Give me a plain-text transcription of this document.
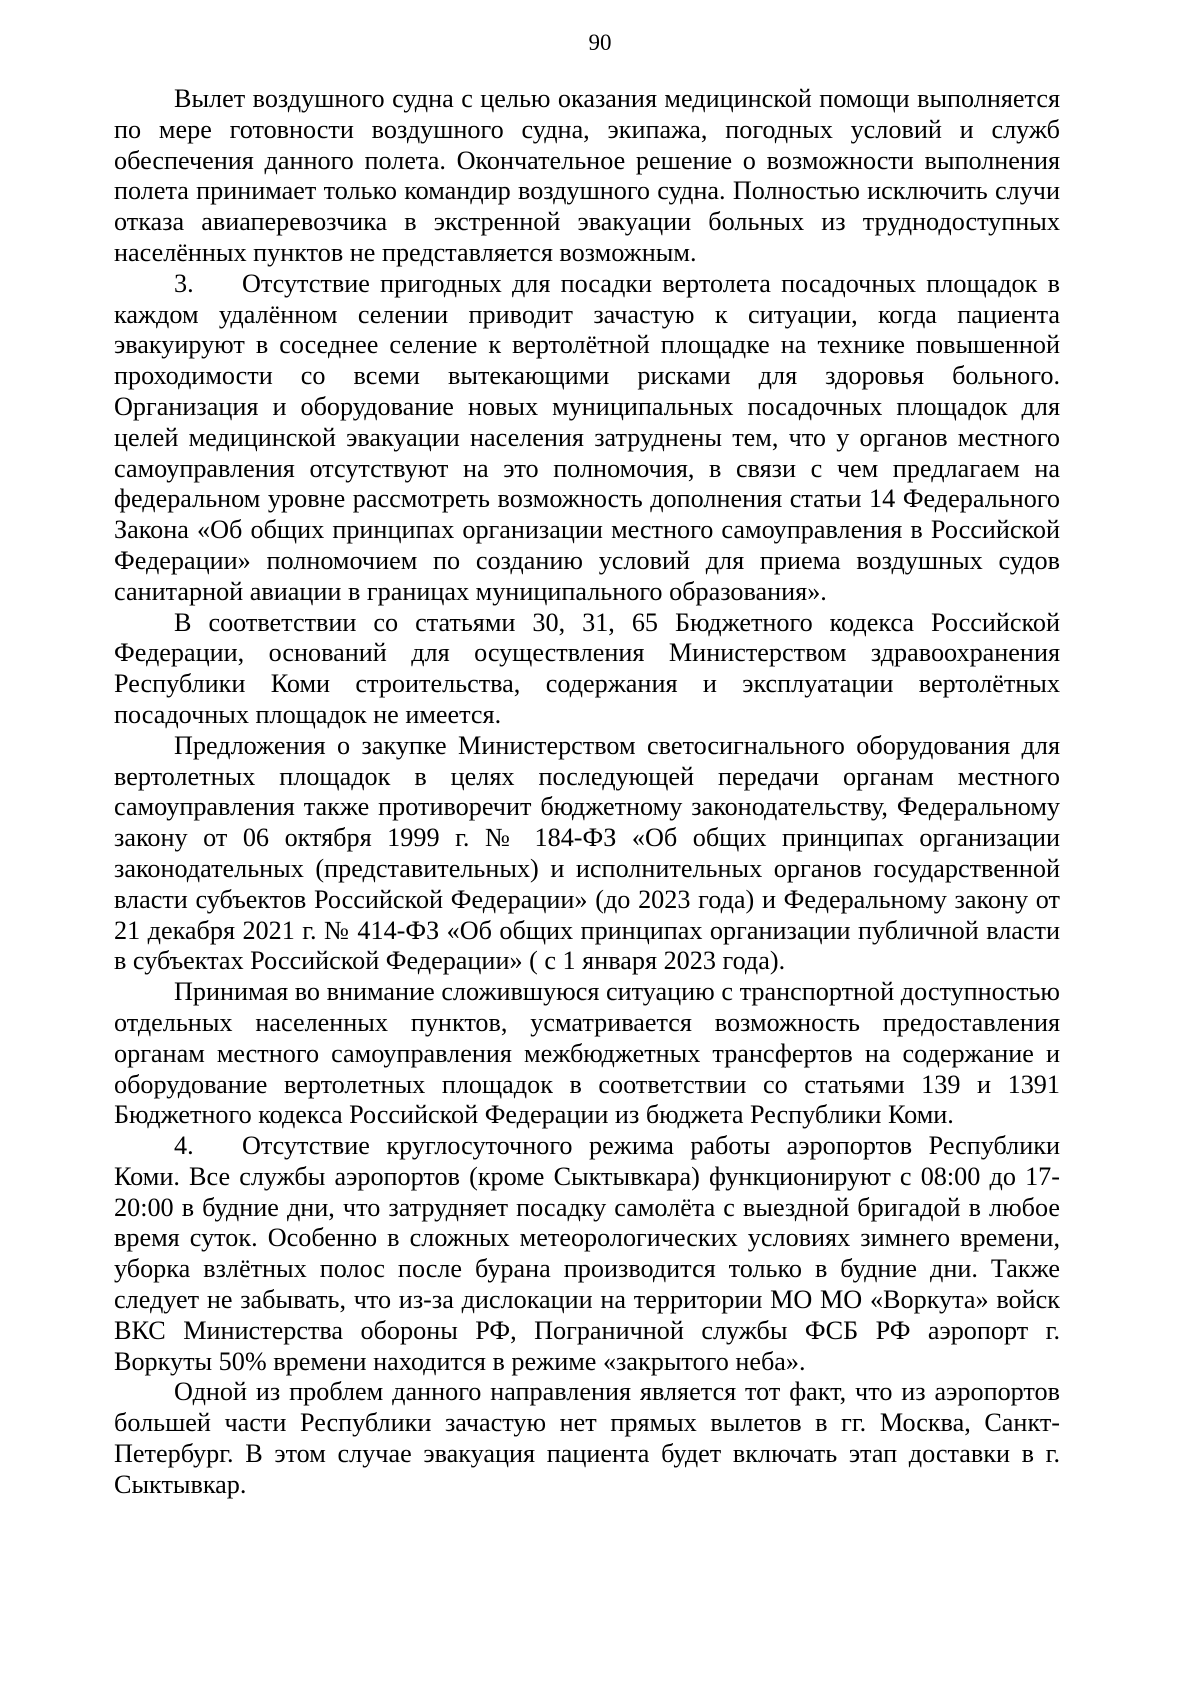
90

Вылет воздушного судна с целью оказания медицинской помощи выполняется по мере готовности воздушного судна, экипажа, погодных условий и служб обеспечения данного полета. Окончательное решение о возможности выполнения полета принимает только командир воздушного судна. Полностью исключить случи отказа авиаперевозчика в экстренной эвакуации больных из труднодоступных населённых пунктов не представляется возможным.

3. Отсутствие пригодных для посадки вертолета посадочных площадок в каждом удалённом селении приводит зачастую к ситуации, когда пациента эвакуируют в соседнее селение к вертолётной площадке на технике повышенной проходимости со всеми вытекающими рисками для здоровья больного. Организация и оборудование новых муниципальных посадочных площадок для целей медицинской эвакуации населения затруднены тем, что у органов местного самоуправления отсутствуют на это полномочия, в связи с чем предлагаем на федеральном уровне рассмотреть возможность дополнения статьи 14 Федерального Закона «Об общих принципах организации местного самоуправления в Российской Федерации» полномочием по созданию условий для приема воздушных судов санитарной авиации в границах муниципального образования».

В соответствии со статьями 30, 31, 65 Бюджетного кодекса Российской Федерации, оснований для осуществления Министерством здравоохранения Республики Коми строительства, содержания и эксплуатации вертолётных посадочных площадок не имеется.

Предложения о закупке Министерством светосигнального оборудования для вертолетных площадок в целях последующей передачи органам местного самоуправления также противоречит бюджетному законодательству, Федеральному закону от 06 октября 1999 г. № 184-ФЗ «Об общих принципах организации законодательных (представительных) и исполнительных органов государственной власти субъектов Российской Федерации» (до 2023 года) и Федеральному закону от 21 декабря 2021 г. № 414-ФЗ «Об общих принципах организации публичной власти в субъектах Российской Федерации» ( с 1 января 2023 года).

Принимая во внимание сложившуюся ситуацию с транспортной доступностью отдельных населенных пунктов, усматривается возможность предоставления органам местного самоуправления межбюджетных трансфертов на содержание и оборудование вертолетных площадок в соответствии со статьями 139 и 1391 Бюджетного кодекса Российской Федерации из бюджета Республики Коми.

4. Отсутствие круглосуточного режима работы аэропортов Республики Коми. Все службы аэропортов (кроме Сыктывкара) функционируют с 08:00 до 17-20:00 в будние дни, что затрудняет посадку самолёта с выездной бригадой в любое время суток. Особенно в сложных метеорологических условиях зимнего времени, уборка взлётных полос после бурана производится только в будние дни. Также следует не забывать, что из-за дислокации на территории МО МО «Воркута» войск ВКС Министерства обороны РФ, Пограничной службы ФСБ РФ аэропорт г. Воркуты 50% времени находится в режиме «закрытого неба».

Одной из проблем данного направления является тот факт, что из аэропортов большей части Республики зачастую нет прямых вылетов в гг. Москва, Санкт-Петербург. В этом случае эвакуация пациента будет включать этап доставки в г. Сыктывкар.
